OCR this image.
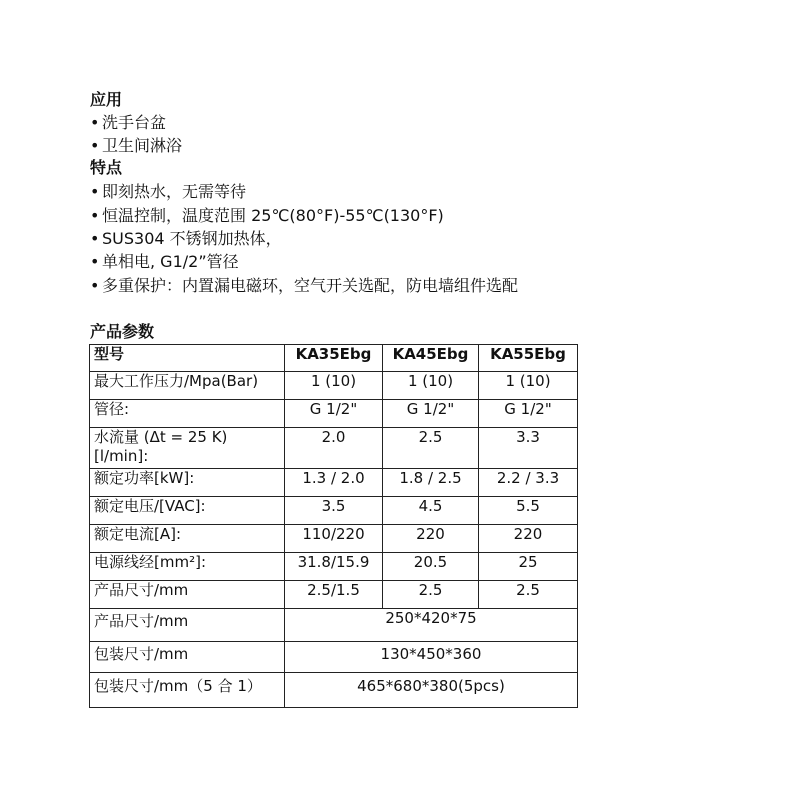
应用
• 洗手台盆
• 卫生间淋浴
特点
• 即刻热水，无需等待
• 恒温控制，温度范围 25℃(80°F)-55℃(130°F)
• SUS304 不锈钢加热体，
• 单相电, G1/2”管径
• 多重保护：内置漏电磁环，空气开关选配，防电墙组件选配
产品参数
型号	KA35Ebg	KA45Ebg	KA55Ebg
最大工作压力/Mpa(Bar)	1 (10)	1 (10)	1 (10)
管径:	G 1/2"	G 1/2"	G 1/2"
水流量 (Δt = 25 K) [l/min]:	2.0	2.5	3.3
额定功率[kW]:	1.3 / 2.0	1.8 / 2.5	2.2 / 3.3
额定电压/[VAC]:	3.5	4.5	5.5
额定电流[A]:	110/220	220	220
电源线经[mm²]:	31.8/15.9	20.5	25
产品尺寸/mm	2.5/1.5	2.5	2.5
产品尺寸/mm	250*420*75		
包装尺寸/mm	130*450*360		
包装尺寸/mm（5 合 1）	465*680*380(5pcs)		
